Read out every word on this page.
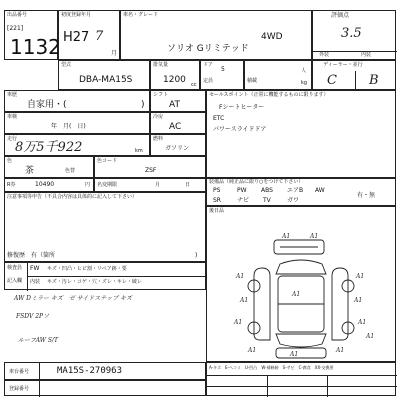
出品番号
[221]
1132
初度登録年月
H27 7
月
車名・グレード
4WD
ソリオ Gリミテッド
評価点
3.5
外装	内装
型式
DBA-MA15S
排気量
1200 cc
ドア
5
定員
人
積載	kg
ディーラー・並行
C B
車歴
自家用・(	)
シフト
AT
車検
年　月(　日)
冷房
AC
走行
8万5千922	km
燃料
ガソリン
色
茶	色替
色コード
ZSF
R券	10490	円 名変期限	月	日
セールスポイント（正常に機能するものに限ります）
Fシートヒーター
ETC
パワースライドドア
装備品（純正品に限り○をつけて下さい）
PS	PW ABS エアB AW
SR	ナビ TV	ガワ
有・無
注意事項等申告（不具合内容は具体的に記入して下さい）
修復歴　有（箇所	)
検査員
記入欄
FW キズ・凹凸・ヒビ割・リペア跡・要
内装 キズ・汚レ・コゲ・穴・ズレ・キレ・破レ
AW Dミラー キズ　ゼ サイドステップ キズ
FSDV 2Pソ
ルーフAW S/T
後日品
A1	A1
A1	A1
A1	A1
A1
A1	A1
A1
A1
A1
A1
車台番号	MA15S-270963
登録番号
A-キズ　E-ヘコミ　U-凹凸　W-補修跡　S-サビ　C-腐食　XX-交換要
